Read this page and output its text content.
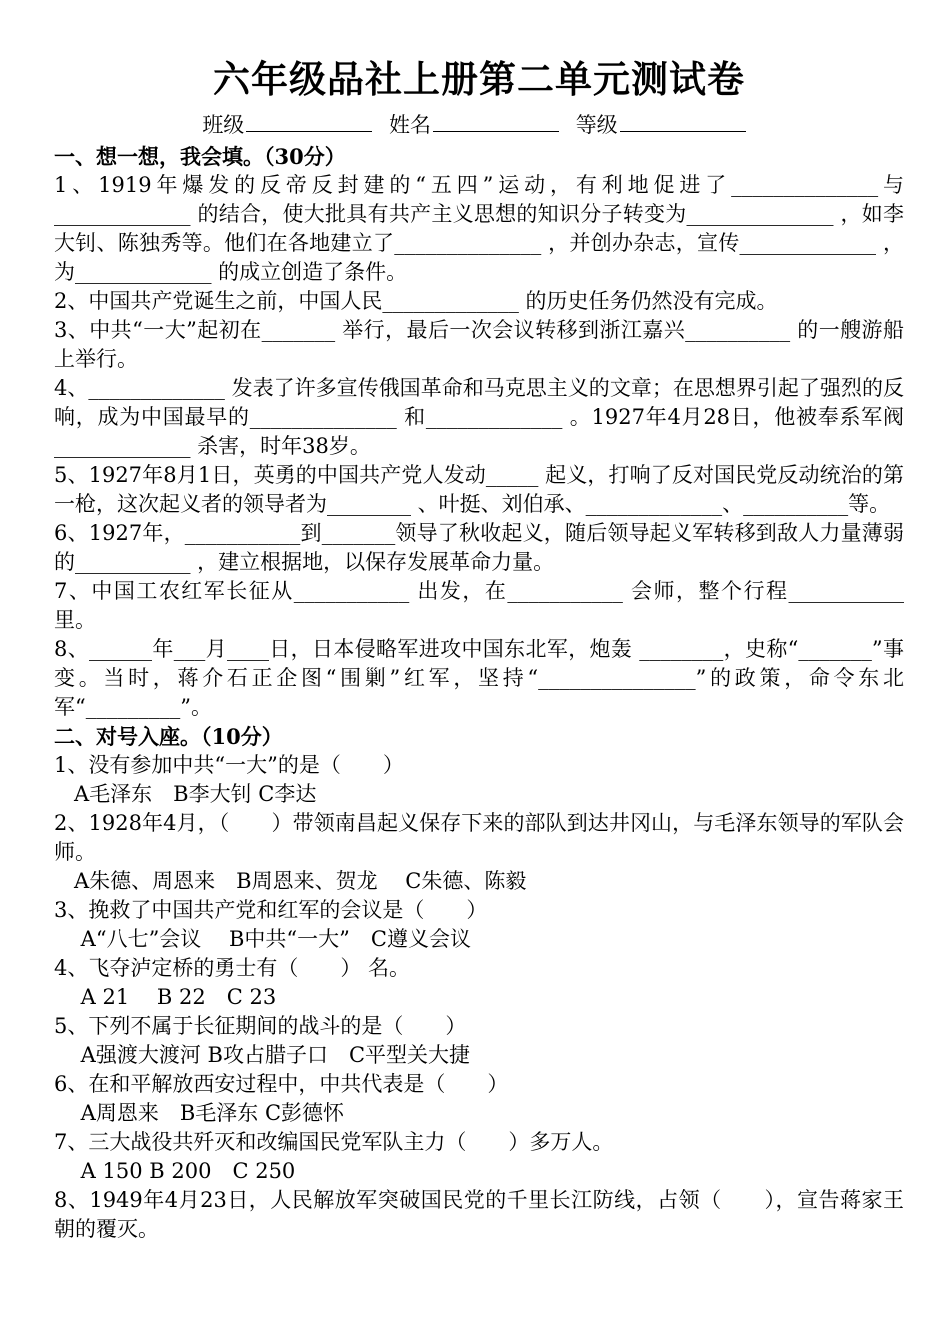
六年级品社上册第二单元测试卷
班级	姓名	等级
一、想一想，我会填。（30分）
1、1919年爆发的反帝反封建的“五四”运动，有利地促进了______________与_____________ 的结合，使大批具有共产主义思想的知识分子转变为______________ ，如李大钊、陈独秀等。他们在各地建立了______________ ，并创办杂志，宣传_____________ ，为_____________ 的成立创造了条件。
2、中国共产党诞生之前，中国人民_____________ 的历史任务仍然没有完成。
3、中共“一大”起初在_______ 举行，最后一次会议转移到浙江嘉兴__________ 的一艘游船上举行。
4、_____________ 发表了许多宣传俄国革命和马克思主义的文章；在思想界引起了强烈的反响，成为中国最早的______________ 和_____________ 。1927年4月28日，他被奉系军阀_____________ 杀害，时年38岁。
5、1927年8月1日，英勇的中国共产党人发动_____ 起义，打响了反对国民党反动统治的第一枪，这次起义者的领导者为________ 、叶挺、刘伯承、_____________、__________等。
6、1927年，___________到_______领导了秋收起义，随后领导起义军转移到敌人力量薄弱的___________ ，建立根据地，以保存发展革命力量。
7、中国工农红军长征从___________ 出发，在___________ 会师，整个行程___________ 里。
8、______年___月____日，日本侵略军进攻中国东北军，炮轰 ________，史称“_______”事变。当时，蒋介石正企图“围剿”红军，坚持“_______________”的政策，命令东北军“_________”。
二、对号入座。（10分）
1、没有参加中共“一大”的是（　　）
A毛泽东　B李大钊 C李达
2、1928年4月，（　　）带领南昌起义保存下来的部队到达井冈山，与毛泽东领导的军队会师。
A朱德、周恩来　B周恩来、贺龙　 C朱德、陈毅
3、挽救了中国共产党和红军的会议是（　　）
A“八七”会议　 B中共“一大”　C遵义会议
4、飞夺泸定桥的勇士有（　　） 名。
A 21　 B 22　C 23
5、下列不属于长征期间的战斗的是（　　）
A强渡大渡河 B攻占腊子口　C平型关大捷
6、在和平解放西安过程中，中共代表是（　　）
A周恩来　B毛泽东 C彭德怀
7、三大战役共歼灭和改编国民党军队主力（　　）多万人。
A 150 B 200　C 250
8、1949年4月23日，人民解放军突破国民党的千里长江防线，占领（　　），宣告蒋家王朝的覆灭。
